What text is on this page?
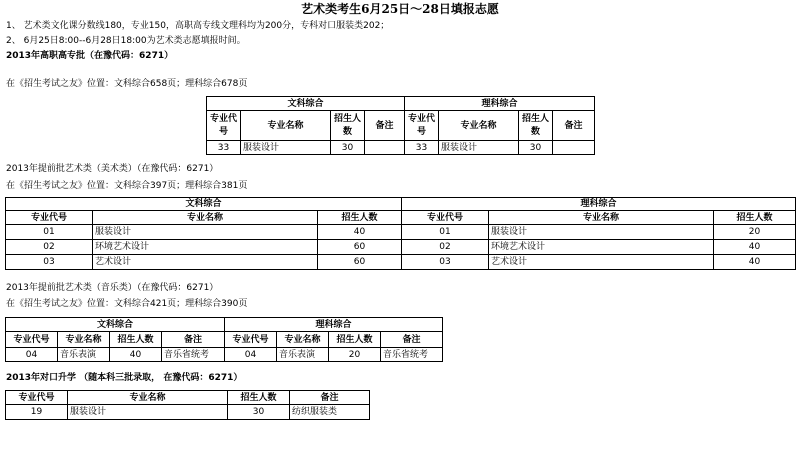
艺术类考生6月25日～28日填报志愿
1、 艺术类文化课分数线180，专业150，高职高专线文理科均为200分，专科对口服装类202；
2、 6月25日8:00--6月28日18:00为艺术类志愿填报时间。
2013年高职高专批（在豫代码：6271）
在《招生考试之友》位置：文科综合658页；理科综合678页
文科综合				理科综合			
专业代号	专业名称	招生人数	备注	专业代号	专业名称	招生人数	备注
33	服装设计	30		33	服装设计	30	
2013年提前批艺术类（美术类）（在豫代码：6271）
在《招生考试之友》位置：文科综合397页；理科综合381页
文科综合			理科综合		
专业代号	专业名称	招生人数	专业代号	专业名称	招生人数
01	服装设计	40	01	服装设计	20
02	环境艺术设计	60	02	环境艺术设计	40
03	艺术设计	60	03	艺术设计	40
2013年提前批艺术类（音乐类）（在豫代码：6271）
在《招生考试之友》位置：文科综合421页；理科综合390页
文科综合				理科综合			
专业代号	专业名称	招生人数	备注	专业代号	专业名称	招生人数	备注
04	音乐表演	40	音乐省统考	04	音乐表演	20	音乐省统考
2013年对口升学 （随本科三批录取， 在豫代码：6271）
专业代号	专业名称	招生人数	备注
19	服装设计	30	纺织服装类
